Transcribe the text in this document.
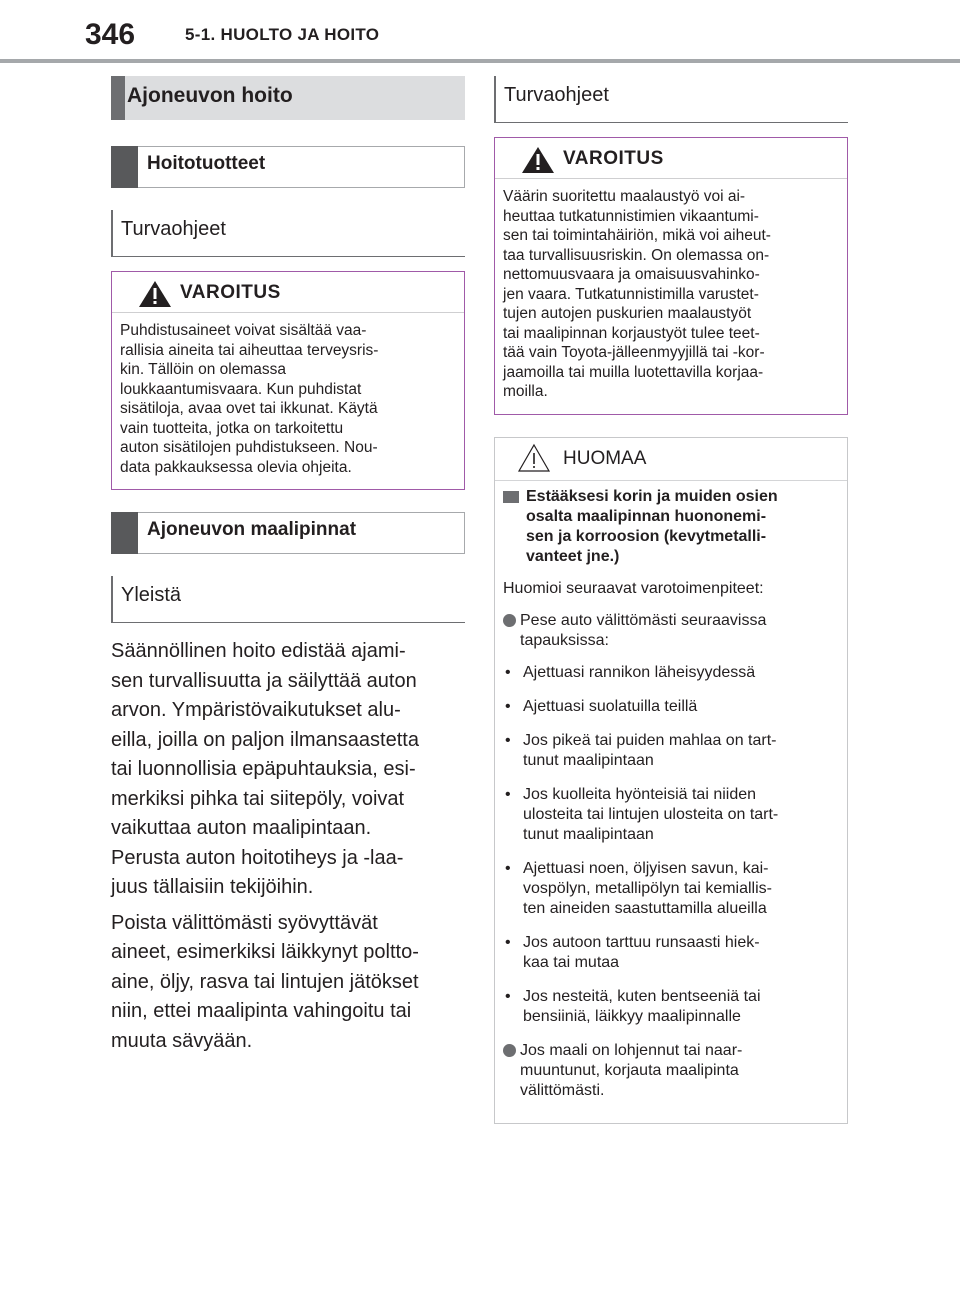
346	5-1. HUOLTO JA HOITO
Ajoneuvon hoito
Hoitotuotteet
Turvaohjeet
VAROITUS
Puhdistusaineet voivat sisältää vaa-
rallisia aineita tai aiheuttaa terveysris-
kin. Tällöin on olemassa
loukkaantumisvaara. Kun puhdistat
sisätiloja, avaa ovet tai ikkunat. Käytä
vain tuotteita, jotka on tarkoitettu
auton sisätilojen puhdistukseen. Nou-
data pakkauksessa olevia ohjeita.
Ajoneuvon maalipinnat
Yleistä
Säännöllinen hoito edistää ajami-
sen turvallisuutta ja säilyttää auton
arvon. Ympäristövaikutukset alu-
eilla, joilla on paljon ilmansaastetta
tai luonnollisia epäpuhtauksia, esi-
merkiksi pihka tai siitepöly, voivat
vaikuttaa auton maalipintaan.
Perusta auton hoitotiheys ja -laa-
juus tällaisiin tekijöihin.
Poista välittömästi syövyttävät
aineet, esimerkiksi läikkynyt poltto-
aine, öljy, rasva tai lintujen jätökset
niin, ettei maalipinta vahingoitu tai
muuta sävyään.
Turvaohjeet
VAROITUS
Väärin suoritettu maalaustyö voi ai-
heuttaa tutkatunnistimien vikaantumi-
sen tai toimintahäiriön, mikä voi aiheut-
taa turvallisuusriskin. On olemassa on-
nettomuusvaara ja omaisuusvahinko-
jen vaara. Tutkatunnistimilla varustet-
tujen autojen puskurien maalaustyöt
tai maalipinnan korjaustyöt tulee teet-
tää vain Toyota-jälleenmyyjillä tai -kor-
jaamoilla tai muilla luotettavilla korjaa-
moilla.
HUOMAA
Estääksesi korin ja muiden osien
osalta maalipinnan huononemi-
sen ja korroosion (kevytmetalli-
vanteet jne.)
Huomioi seuraavat varotoimenpiteet:
Pese auto välittömästi seuraavissa
tapauksissa:
• Ajettuasi rannikon läheisyydessä
• Ajettuasi suolatuilla teillä
• Jos pikeä tai puiden mahlaa on tart-
tunut maalipintaan
• Jos kuolleita hyönteisiä tai niiden
ulosteita tai lintujen ulosteita on tart-
tunut maalipintaan
• Ajettuasi noen, öljyisen savun, kai-
vospölyn, metallipölyn tai kemiallis-
ten aineiden saastuttamilla alueilla
• Jos autoon tarttuu runsaasti hiek-
kaa tai mutaa
• Jos nesteitä, kuten bentseeniä tai
bensiiniä, läikkyy maalipinnalle
Jos maali on lohjennut tai naar-
muuntunut, korjauta maalipinta
välittömästi.
